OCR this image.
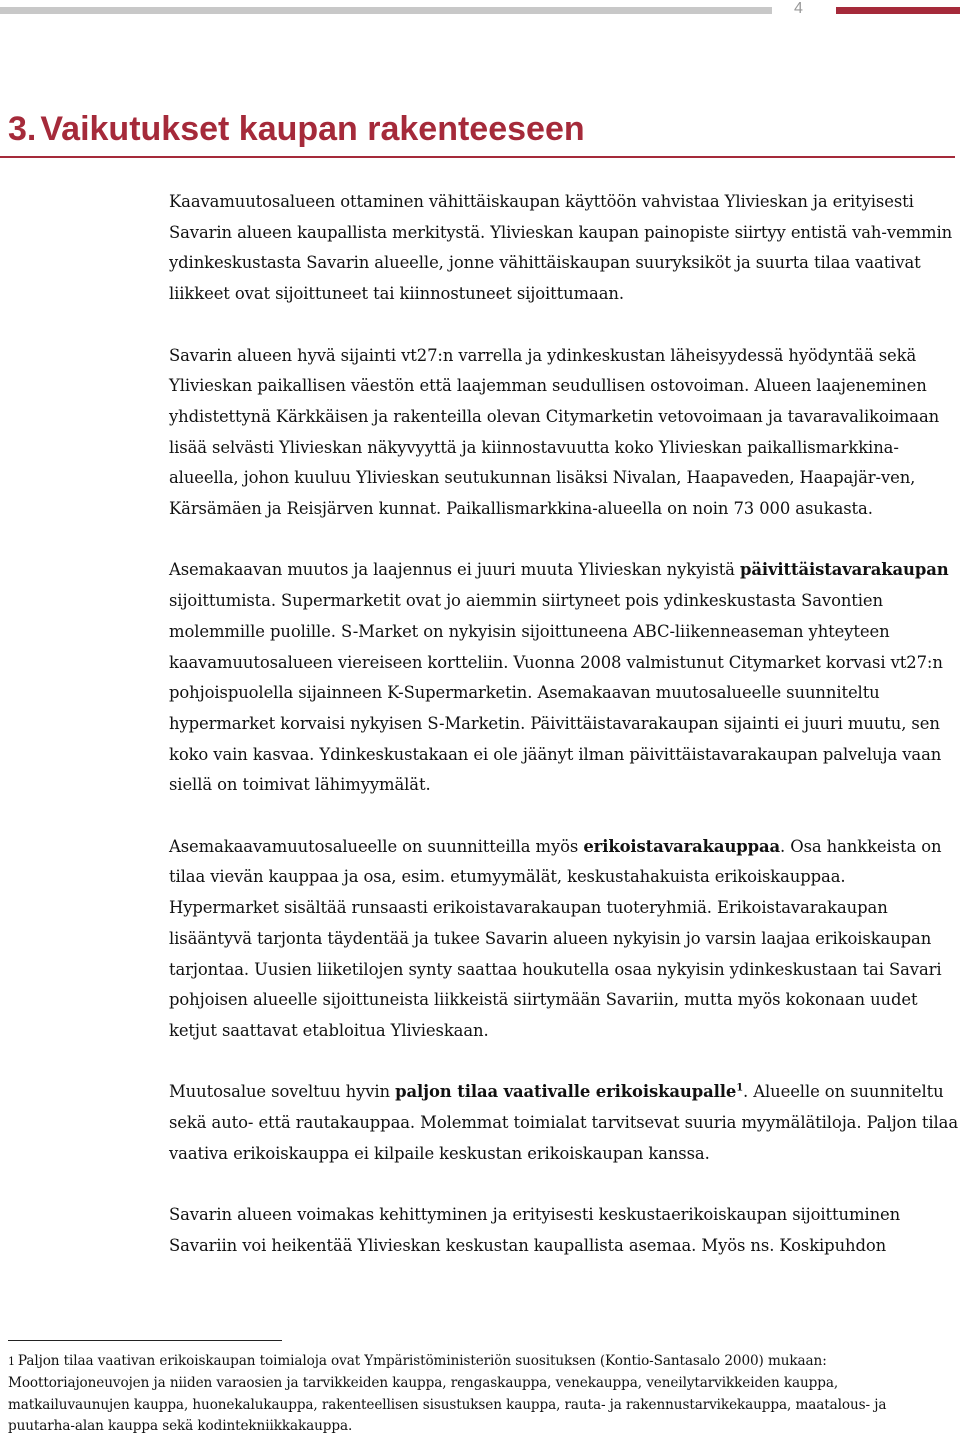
4
3. Vaikutukset kaupan rakenteeseen

Kaavamuutosalueen ottaminen vähittäiskaupan käyttöön vahvistaa Ylivieskan ja erityisesti Savarin alueen kaupallista merkitystä. Ylivieskan kaupan painopiste siirtyy entistä vah-vemmin ydinkeskustasta Savarin alueelle, jonne vähittäiskaupan suuryksiköt ja suurta tilaa vaativat liikkeet ovat sijoittuneet tai kiinnostuneet sijoittumaan.

Savarin alueen hyvä sijainti vt27:n varrella ja ydinkeskustan läheisyydessä hyödyntää sekä Ylivieskan paikallisen väestön että laajemman seudullisen ostovoiman. Alueen laajeneminen yhdistettynä Kärkkäisen ja rakenteilla olevan Citymarketin vetovoimaan ja tavaravalikoimaan lisää selvästi Ylivieskan näkyvyyttä ja kiinnostavuutta koko Ylivieskan paikallismarkkina-alueella, johon kuuluu Ylivieskan seutukunnan lisäksi Nivalan, Haapaveden, Haapajär-ven, Kärsämäen ja Reisjärven kunnat. Paikallismarkkina-alueella on noin 73 000 asukasta.

Asemakaavan muutos ja laajennus ei juuri muuta Ylivieskan nykyistä päivittäistavarakaupan sijoittumista. Supermarketit ovat jo aiemmin siirtyneet pois ydinkeskustasta Savontien molemmille puolille. S-Market on nykyisin sijoittuneena ABC-liikenneaseman yhteyteen kaavamuutosalueen viereiseen kortteliin. Vuonna 2008 valmistunut Citymarket korvasi vt27:n pohjoispuolella sijainneen K-Supermarketin. Asemakaavan muutosalueelle suunniteltu hypermarket korvaisi nykyisen S-Marketin. Päivittäistavarakaupan sijainti ei juuri muutu, sen koko vain kasvaa. Ydinkeskustakaan ei ole jäänyt ilman päivittäistavarakaupan palveluja vaan siellä on toimivat lähimyymälät.

Asemakaavamuutosalueelle on suunnitteilla myös erikoistavarakauppaa. Osa hankkeista on tilaa vievän kauppaa ja osa, esim. etumyymälät, keskustahakuista erikoiskauppaa. Hypermarket sisältää runsaasti erikoistavarakaupan tuoteryhmiä. Erikoistavarakaupan lisääntyvä tarjonta täydentää ja tukee Savarin alueen nykyisin jo varsin laajaa erikoiskaupan tarjontaa. Uusien liiketilojen synty saattaa houkutella osaa nykyisin ydinkeskustaan tai Savari pohjoisen alueelle sijoittuneista liikkeistä siirtymään Savariin, mutta myös kokonaan uudet ketjut saattavat etabloitua Ylivieskaan.

Muutosalue soveltuu hyvin paljon tilaa vaativalle erikoiskaupalle$^1$. Alueelle on suunniteltu sekä auto- että rautakauppaa. Molemmat toimialat tarvitsevat suuria myymälätiloja. Paljon tilaa vaativa erikoiskauppa ei kilpaile keskustan erikoiskaupan kanssa.

Savarin alueen voimakas kehittyminen ja erityisesti keskustaerikoiskaupan sijoittuminen Savariin voi heikentää Ylivieskan keskustan kaupallista asemaa. Myös ns. Koskipuhdon

1 Paljon tilaa vaativan erikoiskaupan toimialoja ovat Ympäristöministeriön suosituksen (Kontio-Santasalo 2000) mukaan: Moottoriajoneuvojen ja niiden varaosien ja tarvikkeiden kauppa, rengaskauppa, venekauppa, veneilytarvikkeiden kauppa, matkailuvaunujen kauppa, huonekalukauppa, rakenteellisen sisustuksen kauppa, rauta- ja rakennustarvikekauppa, maatalous- ja puutarha-alan kauppa sekä kodintekniikkakauppa.
